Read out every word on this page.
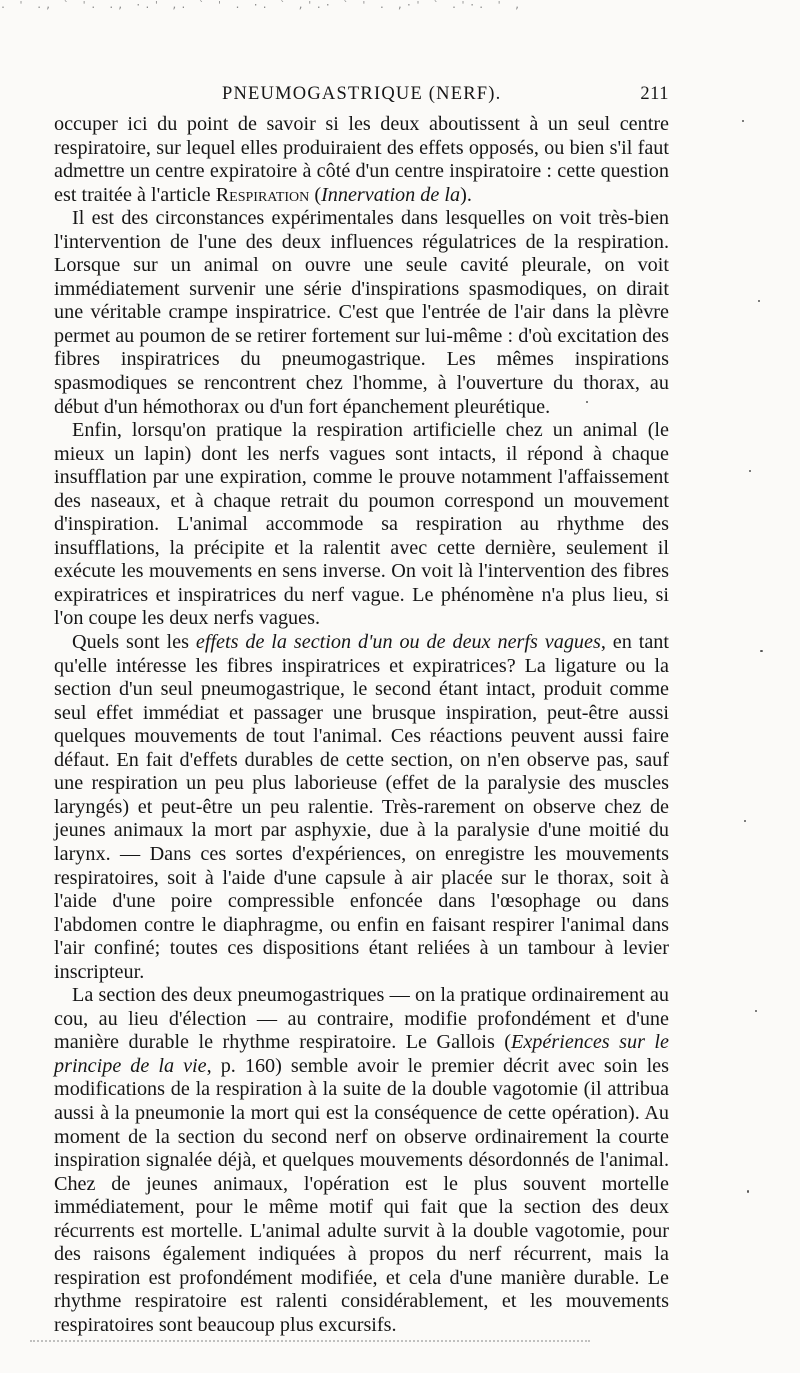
. ' ., ` '. ., ·.' ,. ` ' . ·. ` ,'.· ` ' . ,·' ` .'·. ' ,
PNEUMOGASTRIQUE (NERF).	211

occuper ici du point de savoir si les deux aboutissent à un seul centre respiratoire, sur lequel elles produiraient des effets opposés, ou bien s'il faut admettre un centre expiratoire à côté d'un centre inspiratoire : cette question est traitée à l'article Respiration (Innervation de la).

Il est des circonstances expérimentales dans lesquelles on voit très-bien l'intervention de l'une des deux influences régulatrices de la respiration. Lorsque sur un animal on ouvre une seule cavité pleurale, on voit immédiatement survenir une série d'inspirations spasmodiques, on dirait une véritable crampe inspiratrice. C'est que l'entrée de l'air dans la plèvre permet au poumon de se retirer fortement sur lui-même : d'où excitation des fibres inspiratrices du pneumogastrique. Les mêmes inspirations spasmodiques se rencontrent chez l'homme, à l'ouverture du thorax, au début d'un hémothorax ou d'un fort épanchement pleurétique.

Enfin, lorsqu'on pratique la respiration artificielle chez un animal (le mieux un lapin) dont les nerfs vagues sont intacts, il répond à chaque insufflation par une expiration, comme le prouve notamment l'affaissement des naseaux, et à chaque retrait du poumon correspond un mouvement d'inspiration. L'animal accommode sa respiration au rhythme des insufflations, la précipite et la ralentit avec cette dernière, seulement il exécute les mouvements en sens inverse. On voit là l'intervention des fibres expiratrices et inspiratrices du nerf vague. Le phénomène n'a plus lieu, si l'on coupe les deux nerfs vagues.

Quels sont les effets de la section d'un ou de deux nerfs vagues, en tant qu'elle intéresse les fibres inspiratrices et expiratrices? La ligature ou la section d'un seul pneumogastrique, le second étant intact, produit comme seul effet immédiat et passager une brusque inspiration, peut-être aussi quelques mouvements de tout l'animal. Ces réactions peuvent aussi faire défaut. En fait d'effets durables de cette section, on n'en observe pas, sauf une respiration un peu plus laborieuse (effet de la paralysie des muscles laryngés) et peut-être un peu ralentie. Très-rarement on observe chez de jeunes animaux la mort par asphyxie, due à la paralysie d'une moitié du larynx. — Dans ces sortes d'expériences, on enregistre les mouvements respiratoires, soit à l'aide d'une capsule à air placée sur le thorax, soit à l'aide d'une poire compressible enfoncée dans l'œsophage ou dans l'abdomen contre le diaphragme, ou enfin en faisant respirer l'animal dans l'air confiné; toutes ces dispositions étant reliées à un tambour à levier inscripteur.

La section des deux pneumogastriques — on la pratique ordinairement au cou, au lieu d'élection — au contraire, modifie profondément et d'une manière durable le rhythme respiratoire. Le Gallois (Expériences sur le principe de la vie, p. 160) semble avoir le premier décrit avec soin les modifications de la respiration à la suite de la double vagotomie (il attribua aussi à la pneumonie la mort qui est la conséquence de cette opération). Au moment de la section du second nerf on observe ordinairement la courte inspiration signalée déjà, et quelques mouvements désordonnés de l'animal. Chez de jeunes animaux, l'opération est le plus souvent mortelle immédiatement, pour le même motif qui fait que la section des deux récurrents est mortelle. L'animal adulte survit à la double vagotomie, pour des raisons également indiquées à propos du nerf récurrent, mais la respiration est profondément modifiée, et cela d'une manière durable. Le rhythme respiratoire est ralenti considérablement, et les mouvements respiratoires sont beaucoup plus excursifs.
